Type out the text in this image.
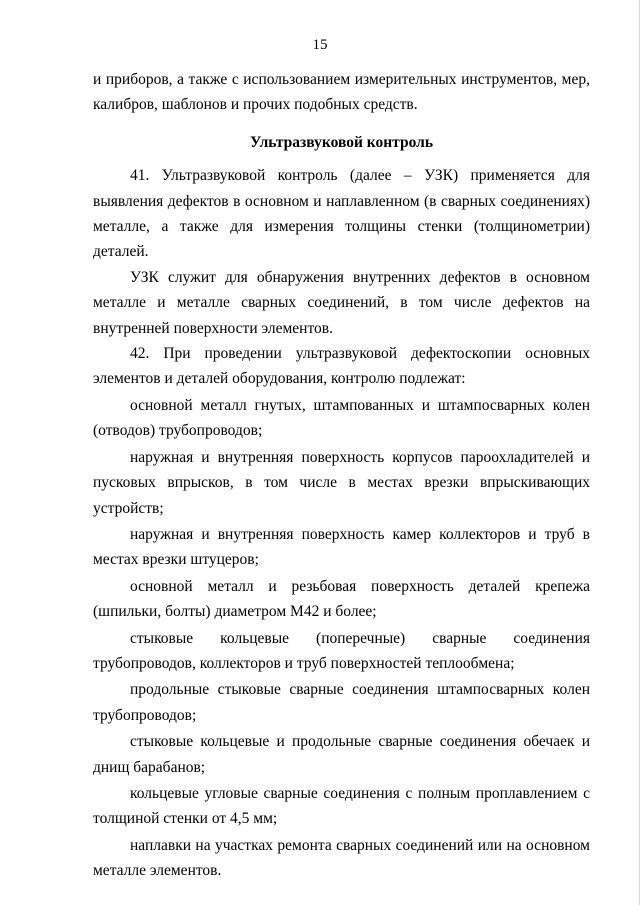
15

и приборов, а также с использованием измерительных инструментов, мер, калибров, шаблонов и прочих подобных средств.

Ультразвуковой контроль

41. Ультразвуковой контроль (далее – УЗК) применяется для выявления дефектов в основном и наплавленном (в сварных соединениях) металле, а также для измерения толщины стенки (толщинометрии) деталей.

УЗК служит для обнаружения внутренних дефектов в основном металле и металле сварных соединений, в том числе дефектов на внутренней поверхности элементов.

42. При проведении ультразвуковой дефектоскопии основных элементов и деталей оборудования, контролю подлежат:

основной металл гнутых, штампованных и штампосварных колен (отводов) трубопроводов;

наружная и внутренняя поверхность корпусов пароохладителей и пусковых впрысков, в том числе в местах врезки впрыскивающих устройств;

наружная и внутренняя поверхность камер коллекторов и труб в местах врезки штуцеров;

основной металл и резьбовая поверхность деталей крепежа (шпильки, болты) диаметром М42 и более;

стыковые кольцевые (поперечные) сварные соединения трубопроводов, коллекторов и труб поверхностей теплообмена;

продольные стыковые сварные соединения штампосварных колен трубопроводов;

стыковые кольцевые и продольные сварные соединения обечаек и днищ барабанов;

кольцевые угловые сварные соединения с полным проплавлением с толщиной стенки от 4,5 мм;

наплавки на участках ремонта сварных соединений или на основном металле элементов.
